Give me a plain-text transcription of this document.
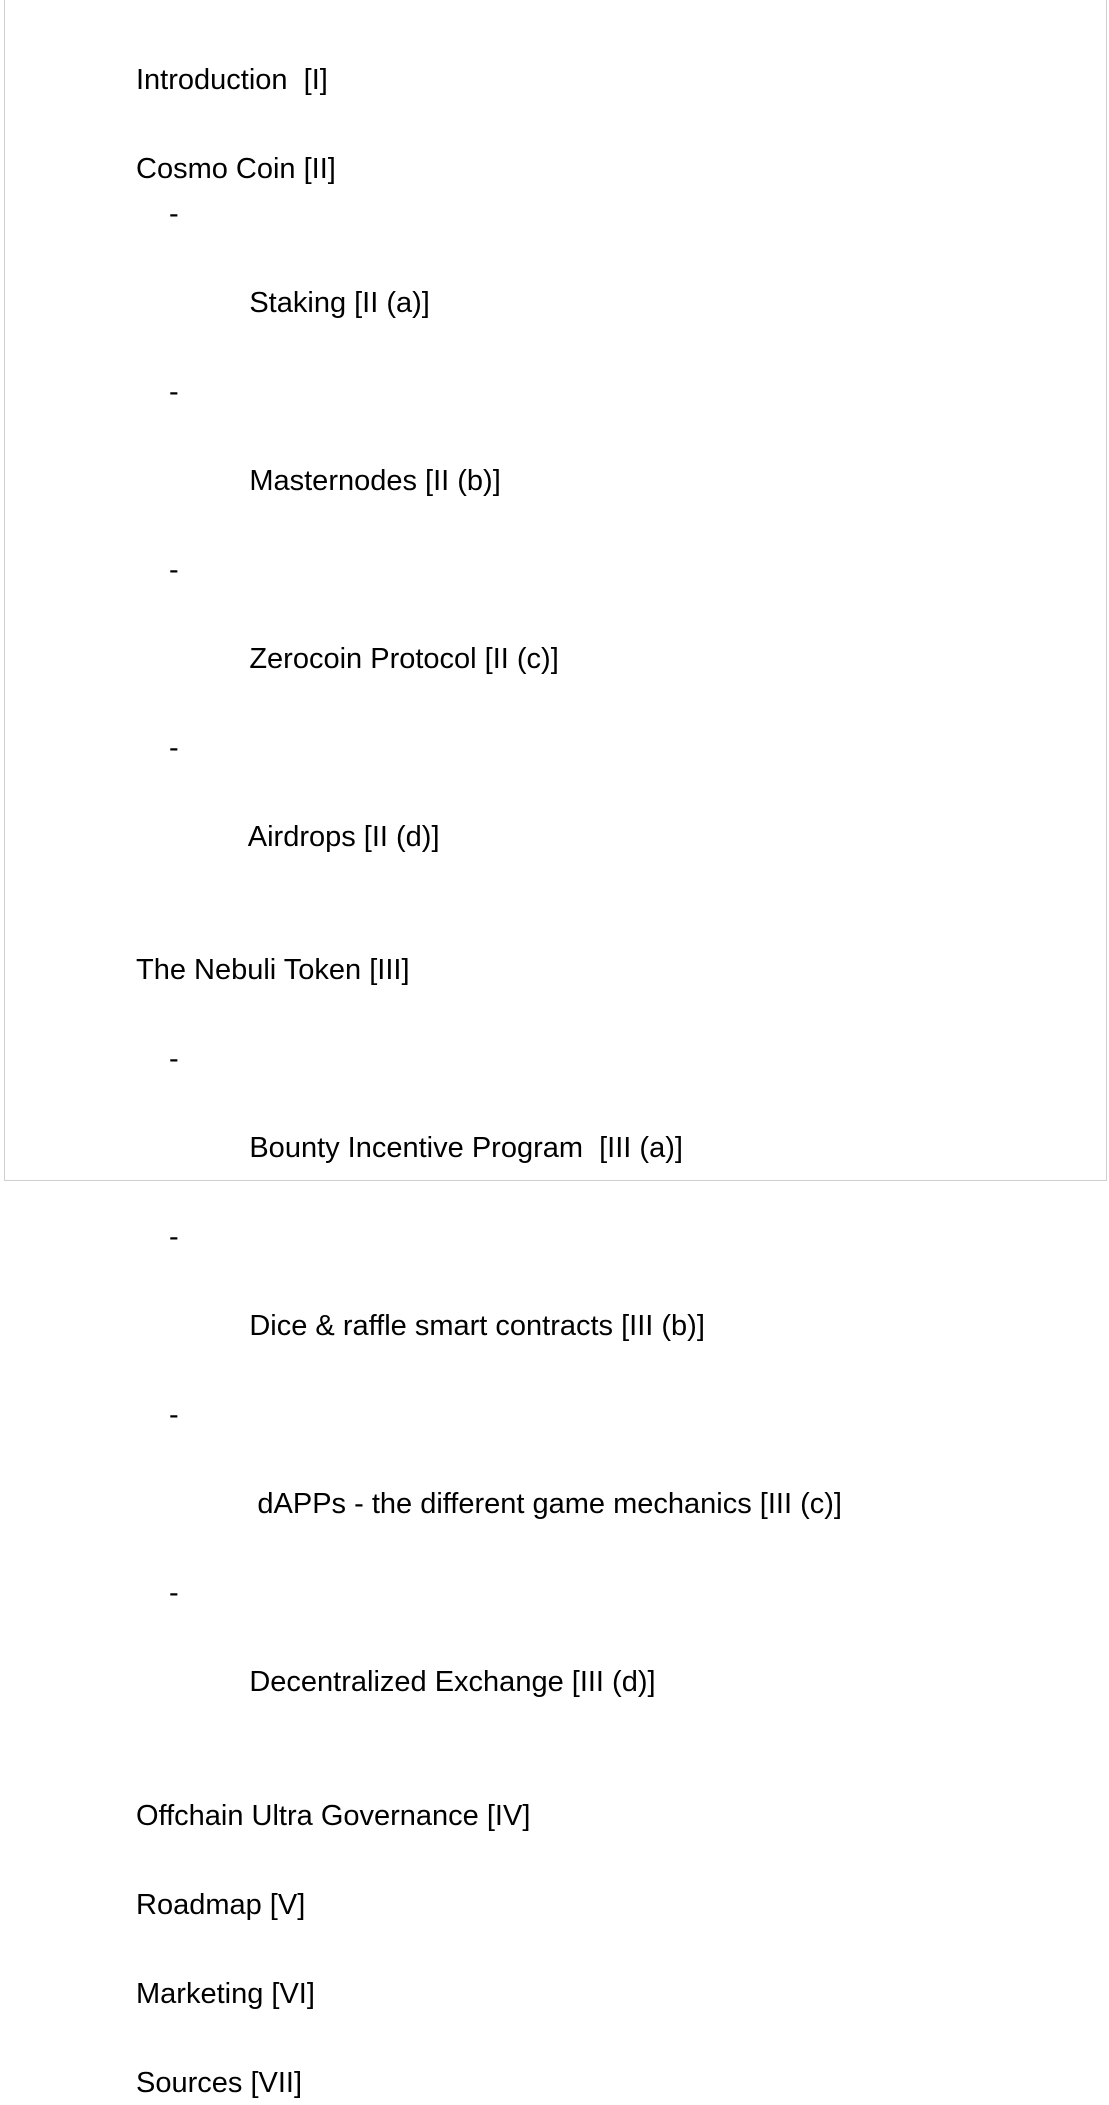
Introduction  [I]
Cosmo Coin [II]

-

Staking [II (a)]

-

Masternodes [II (b)]

-

Zerocoin Protocol [II (c)]

-

Airdrops [II (d)]

The Nebuli Token [III]

-

Bounty Incentive Program  [III (a)]

-

Dice & raffle smart contracts [III (b)]

-

dAPPs - the different game mechanics [III (c)]

-

Decentralized Exchange [III (d)]

Offchain Ultra Governance [IV]
Roadmap [V]
Marketing [VI]
Sources [VII]
